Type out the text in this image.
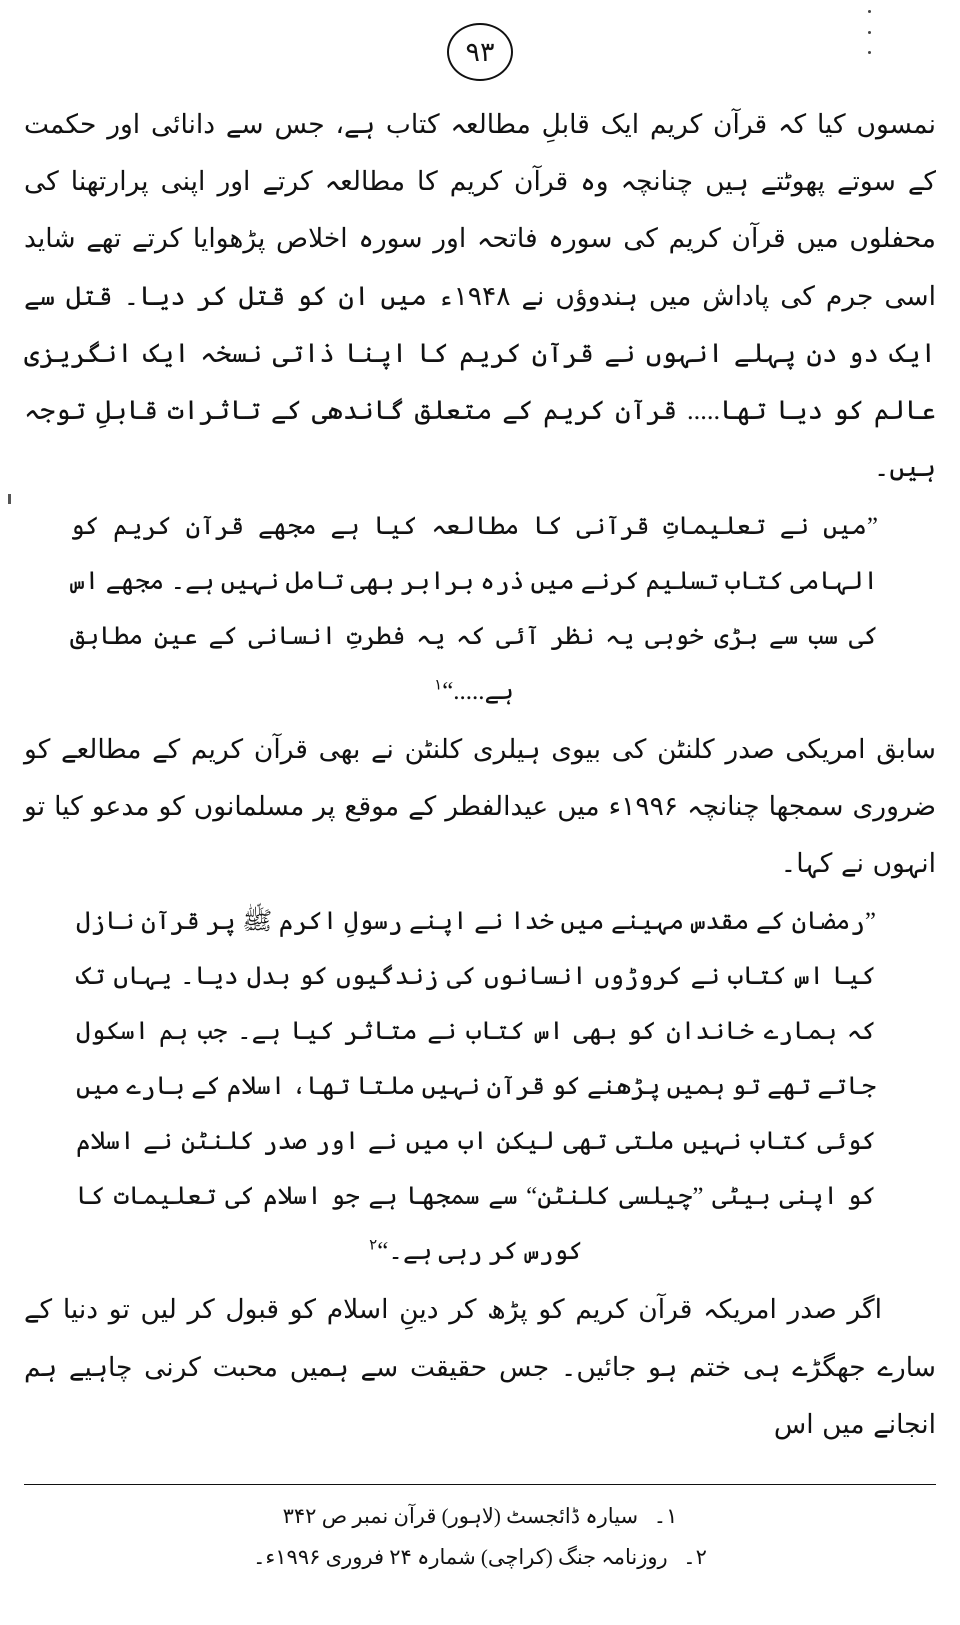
۹۳

نمسوں کیا کہ قرآن کریم ایک قابلِ مطالعہ کتاب ہے، جس سے دانائی اور حکمت کے سوتے پھوٹتے ہیں چنانچہ وہ قرآن کریم کا مطالعہ کرتے اور اپنی پرارتھنا کی محفلوں میں قرآن کریم کی سورہ فاتحہ اور سورہ اخلاص پڑھوایا کرتے تھے شاید اسی جرم کی پاداش میں ہندوؤں نے ۱۹۴۸ء میں ان کو قتل کر دیا۔ قتل سے ایک دو دن پہلے انہوں نے قرآن کریم کا اپنا ذاتی نسخہ ایک انگریزی عالم کو دیا تھا..... قرآن کریم کے متعلق گاندھی کے تاثرات قابلِ توجہ ہیں۔

”میں نے تعلیماتِ قرآنی کا مطالعہ کیا ہے مجھے قرآن کریم کو الہامی کتاب تسلیم کرنے میں ذرہ برابر بھی تامل نہیں ہے۔ مجھے اس کی سب سے بڑی خوبی یہ نظر آئی کہ یہ فطرتِ انسانی کے عین مطابق ہے.....“$^۱$

سابق امریکی صدر کلنٹن کی بیوی ہیلری کلنٹن نے بھی قرآن کریم کے مطالعے کو ضروری سمجھا چنانچہ ۱۹۹۶ء میں عیدالفطر کے موقع پر مسلمانوں کو مدعو کیا تو انہوں نے کہا۔

”رمضان کے مقدس مہینے میں خدا نے اپنے رسولِ اکرم ﷺ پر قرآن نازل کیا اس کتاب نے کروڑوں انسانوں کی زندگیوں کو بدل دیا۔ یہاں تک کہ ہمارے خاندان کو بھی اس کتاب نے متاثر کیا ہے۔ جب ہم اسکول جاتے تھے تو ہمیں پڑھنے کو قرآن نہیں ملتا تھا، اسلام کے بارے میں کوئی کتاب نہیں ملتی تھی لیکن اب میں نے اور صدر کلنٹن نے اسلام کو اپنی بیٹی ”چیلسی کلنٹن“ سے سمجھا ہے جو اسلام کی تعلیمات کا کورس کر رہی ہے۔“$^۲$

اگر صدر امریکہ قرآن کریم کو پڑھ کر دینِ اسلام کو قبول کر لیں تو دنیا کے سارے جھگڑے ہی ختم ہو جائیں۔ جس حقیقت سے ہمیں محبت کرنی چاہیے ہم انجانے میں اس

۱۔ سیارہ ڈائجسٹ (لاہور) قرآن نمبر ص ۳۴۲

۲۔ روزنامہ جنگ (کراچی) شمارہ ۲۴ فروری ۱۹۹۶ء۔
